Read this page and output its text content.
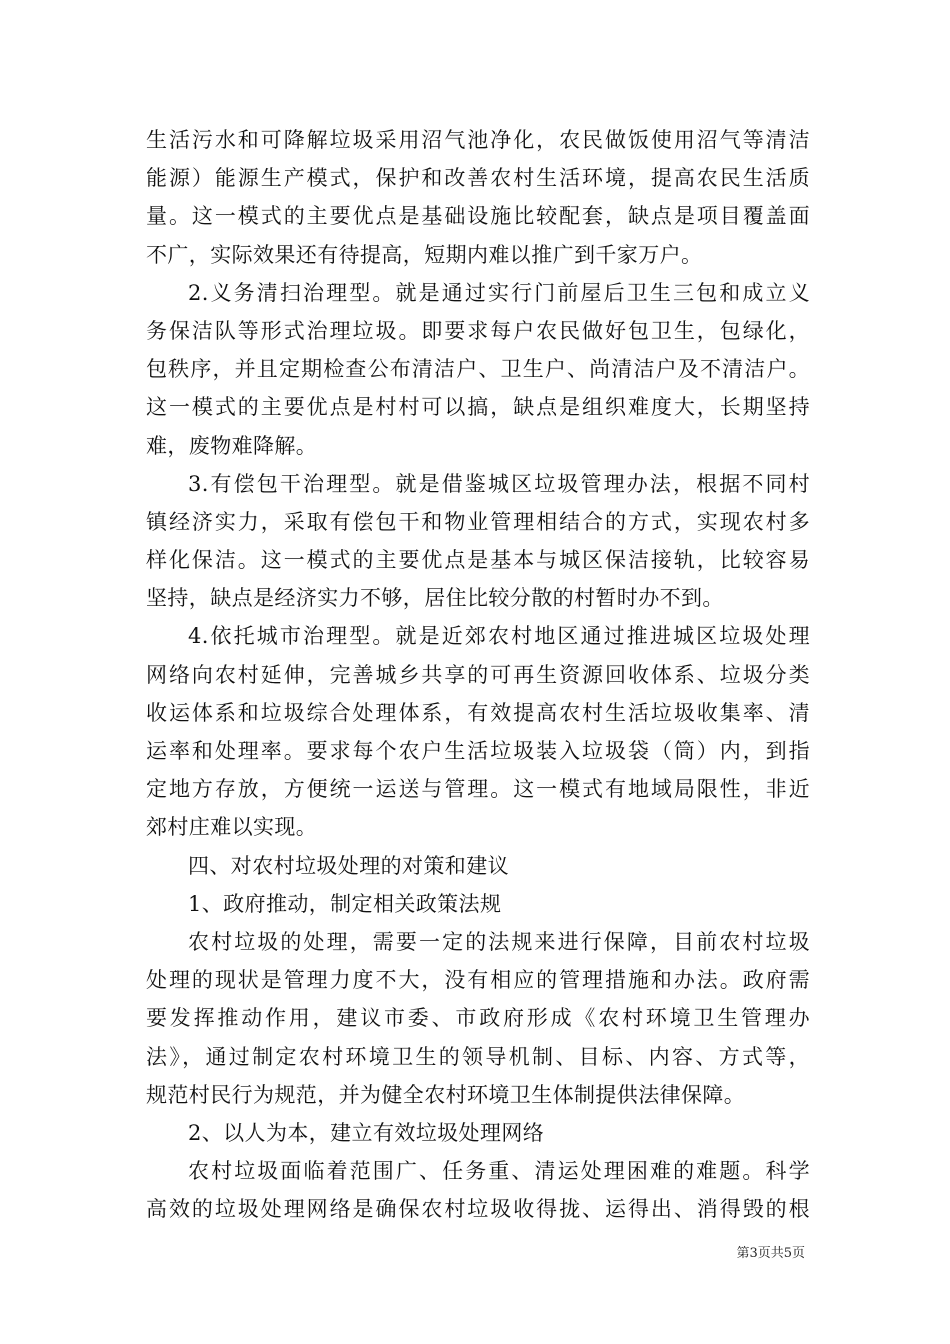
生活污水和可降解垃圾采用沼气池净化，农民做饭使用沼气等清洁
能源）能源生产模式，保护和改善农村生活环境，提高农民生活质
量。这一模式的主要优点是基础设施比较配套，缺点是项目覆盖面
不广，实际效果还有待提高，短期内难以推广到千家万户。
2.义务清扫治理型。就是通过实行门前屋后卫生三包和成立义
务保洁队等形式治理垃圾。即要求每户农民做好包卫生，包绿化，
包秩序，并且定期检查公布清洁户、卫生户、尚清洁户及不清洁户。
这一模式的主要优点是村村可以搞，缺点是组织难度大，长期坚持
难，废物难降解。
3.有偿包干治理型。就是借鉴城区垃圾管理办法，根据不同村
镇经济实力，采取有偿包干和物业管理相结合的方式，实现农村多
样化保洁。这一模式的主要优点是基本与城区保洁接轨，比较容易
坚持，缺点是经济实力不够，居住比较分散的村暂时办不到。
4.依托城市治理型。就是近郊农村地区通过推进城区垃圾处理
网络向农村延伸，完善城乡共享的可再生资源回收体系、垃圾分类
收运体系和垃圾综合处理体系，有效提高农村生活垃圾收集率、清
运率和处理率。要求每个农户生活垃圾装入垃圾袋（筒）内，到指
定地方存放，方便统一运送与管理。这一模式有地域局限性，非近
郊村庄难以实现。
四、对农村垃圾处理的对策和建议
1、政府推动，制定相关政策法规
农村垃圾的处理，需要一定的法规来进行保障，目前农村垃圾
处理的现状是管理力度不大，没有相应的管理措施和办法。政府需
要发挥推动作用，建议市委、市政府形成《农村环境卫生管理办
法》，通过制定农村环境卫生的领导机制、目标、内容、方式等，
规范村民行为规范，并为健全农村环境卫生体制提供法律保障。
2、以人为本，建立有效垃圾处理网络
农村垃圾面临着范围广、任务重、清运处理困难的难题。科学
高效的垃圾处理网络是确保农村垃圾收得拢、运得出、消得毁的根
第3页共5页
